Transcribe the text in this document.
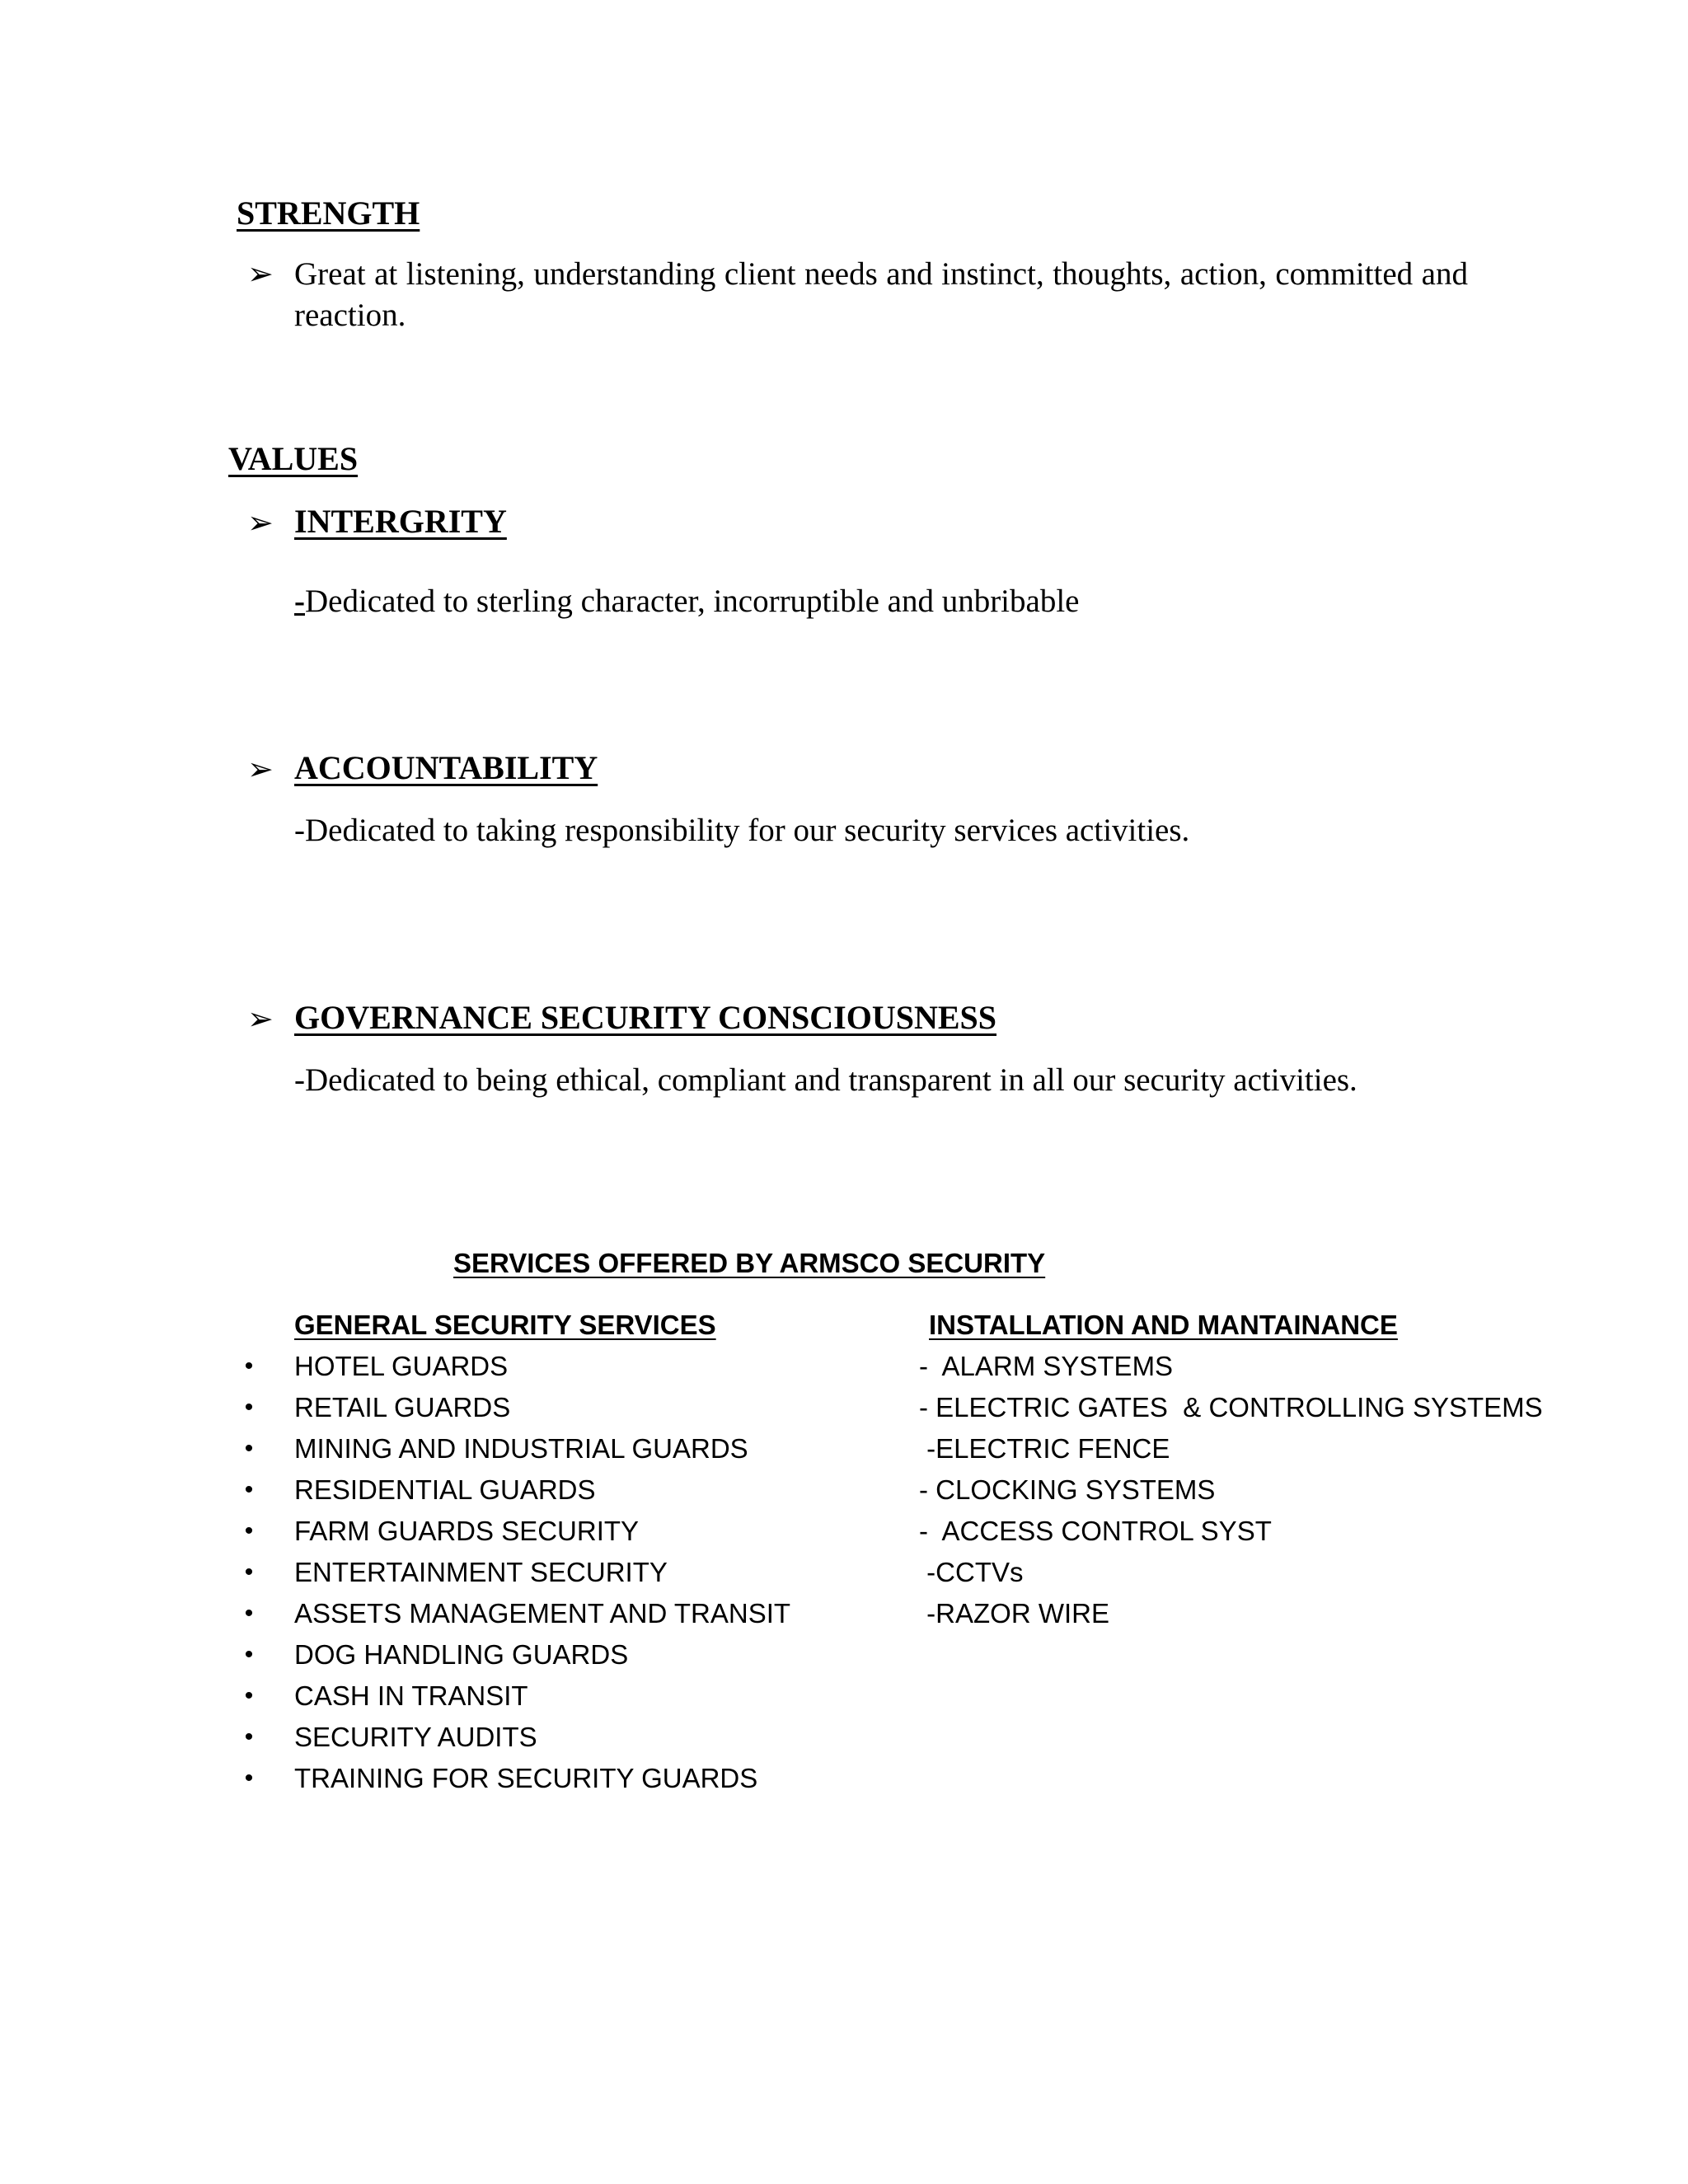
STRENGTH
➢ Great at listening, understanding client needs and instinct, thoughts, action, committed and reaction.
VALUES
➢ INTERGRITY
-Dedicated to sterling character, incorruptible and unbribable
➢ ACCOUNTABILITY
-Dedicated to taking responsibility for our security services activities.
➢ GOVERNANCE SECURITY CONSCIOUSNESS
-Dedicated to being ethical, compliant and transparent in all our security activities.
SERVICES OFFERED BY ARMSCO SECURITY
GENERAL SECURITY SERVICES	INSTALLATION AND MANTAINANCE
• HOTEL GUARDS
• RETAIL GUARDS
• MINING AND INDUSTRIAL GUARDS
• RESIDENTIAL GUARDS
• FARM GUARDS SECURITY
• ENTERTAINMENT SECURITY
• ASSETS MANAGEMENT AND TRANSIT
• DOG HANDLING GUARDS
• CASH IN TRANSIT
• SECURITY AUDITS
• TRAINING FOR SECURITY GUARDS
-  ALARM SYSTEMS
- ELECTRIC GATES  & CONTROLLING SYSTEMS
-ELECTRIC FENCE
- CLOCKING SYSTEMS
-  ACCESS CONTROL SYST
-CCTVs
-RAZOR WIRE
